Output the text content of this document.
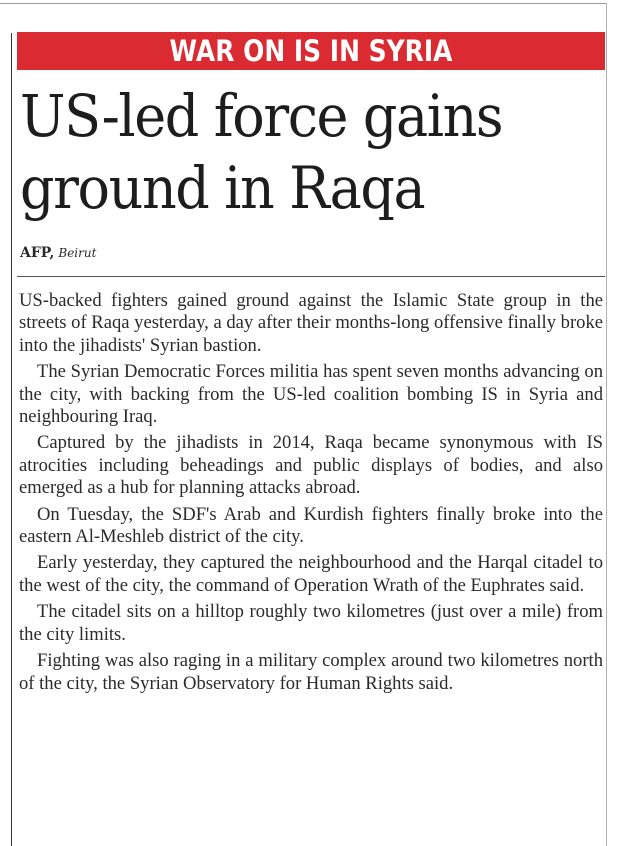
WAR ON IS IN SYRIA
US-led force gains
ground in Raqa
AFP, Beirut

US-backed fighters gained ground against the Islamic State group in the streets of Raqa yesterday, a day after their months-long offensive finally broke into the jihadists' Syrian bastion.

The Syrian Democratic Forces militia has spent seven months advancing on the city, with backing from the US-led coalition bombing IS in Syria and neighbouring Iraq.

Captured by the jihadists in 2014, Raqa became synonymous with IS atrocities including beheadings and public displays of bodies, and also emerged as a hub for planning attacks abroad.

On Tuesday, the SDF's Arab and Kurdish fighters finally broke into the eastern Al-Meshleb district of the city.

Early yesterday, they captured the neighbourhood and the Harqal citadel to the west of the city, the command of Operation Wrath of the Euphrates said.

The citadel sits on a hilltop roughly two kilometres (just over a mile) from the city limits.

Fighting was also raging in a military complex around two kilometres north of the city, the Syrian Observatory for Human Rights said.
